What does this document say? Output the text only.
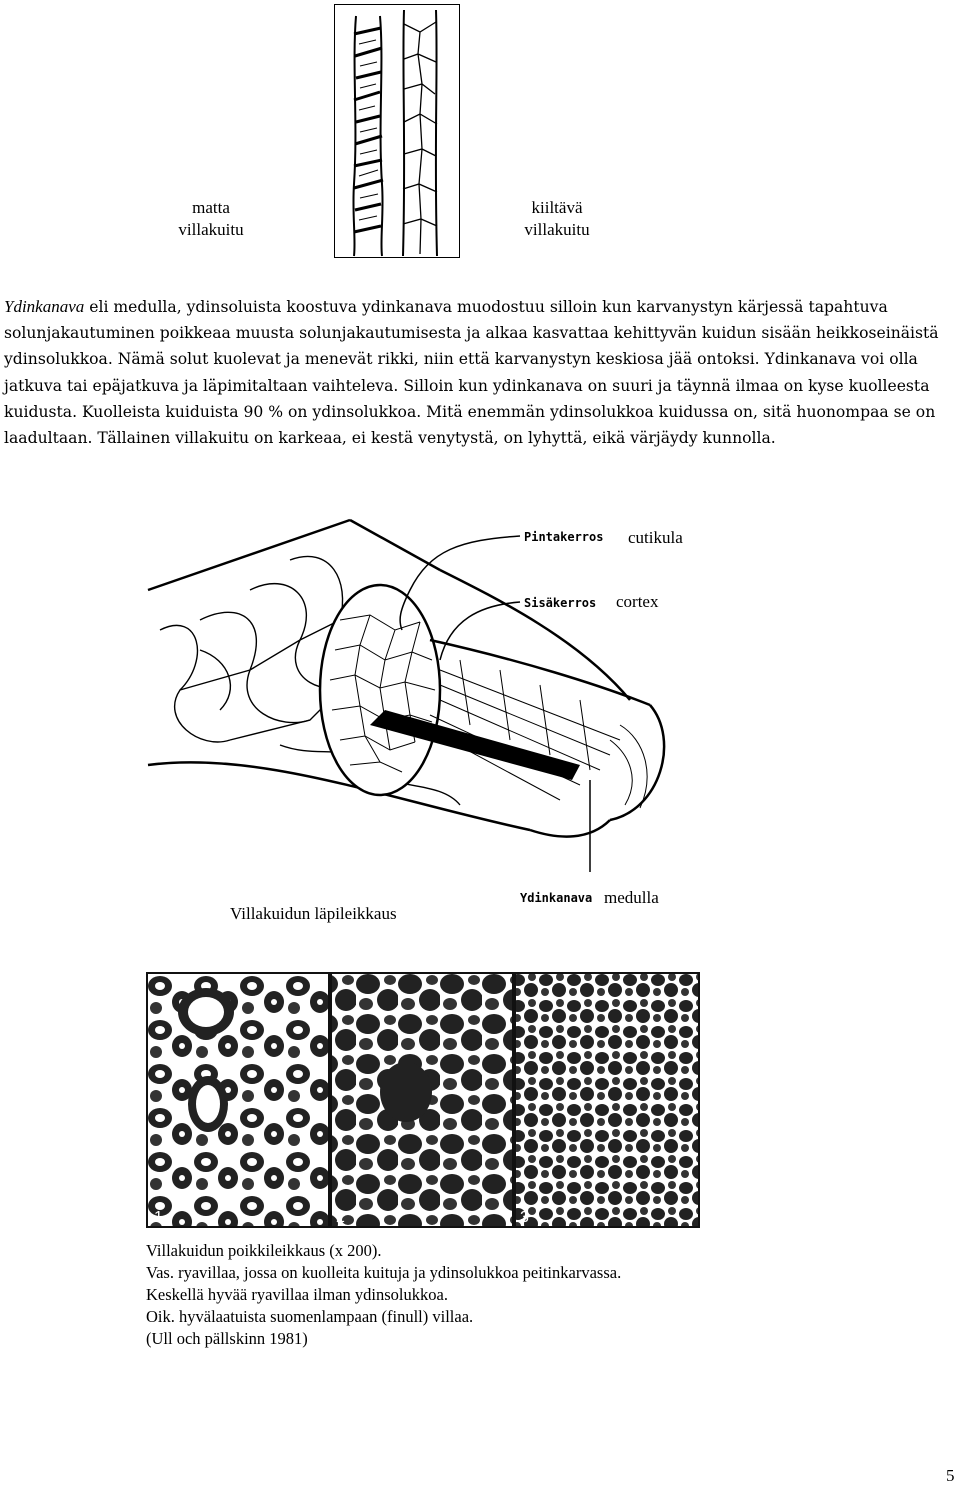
matta
villakuitu
kiiltävä
villakuitu
Ydinkanava eli medulla, ydinsoluista koostuva ydinkanava muodostuu silloin kun karvanystyn kärjessä tapahtuva solunjakautuminen poikkeaa muusta solunjakautumisesta ja alkaa kasvattaa kehittyvän kuidun sisään heikkoseinäistä ydinsolukkoa. Nämä solut kuolevat ja menevät rikki, niin että karvanystyn keskiosa jää ontoksi. Ydinkanava voi olla jatkuva tai epäjatkuva ja läpimitaltaan vaihteleva. Silloin kun ydinkanava on suuri ja täynnä ilmaa on kyse kuolleesta kuidusta. Kuolleista kuiduista 90 % on ydinsolukkoa. Mitä enemmän ydinsolukkoa kuidussa on, sitä huonompaa se on laadultaan. Tällainen villakuitu on karkeaa, ei kestä venytystä, on lyhyttä, eikä värjäydy kunnolla.
Pintakerros cutikula
Sisäkerros cortex
Ydinkanava medulla
Villakuidun läpileikkaus
1	2	3
Villakuidun poikkileikkaus (x 200).
Vas. ryavillaa, jossa on kuolleita kuituja ja ydinsolukkoa peitinkarvassa.
Keskellä hyvää ryavillaa ilman ydinsolukkoa.
Oik. hyvälaatuista suomenlampaan (finull) villaa.
(Ull och pällskinn 1981)
5
